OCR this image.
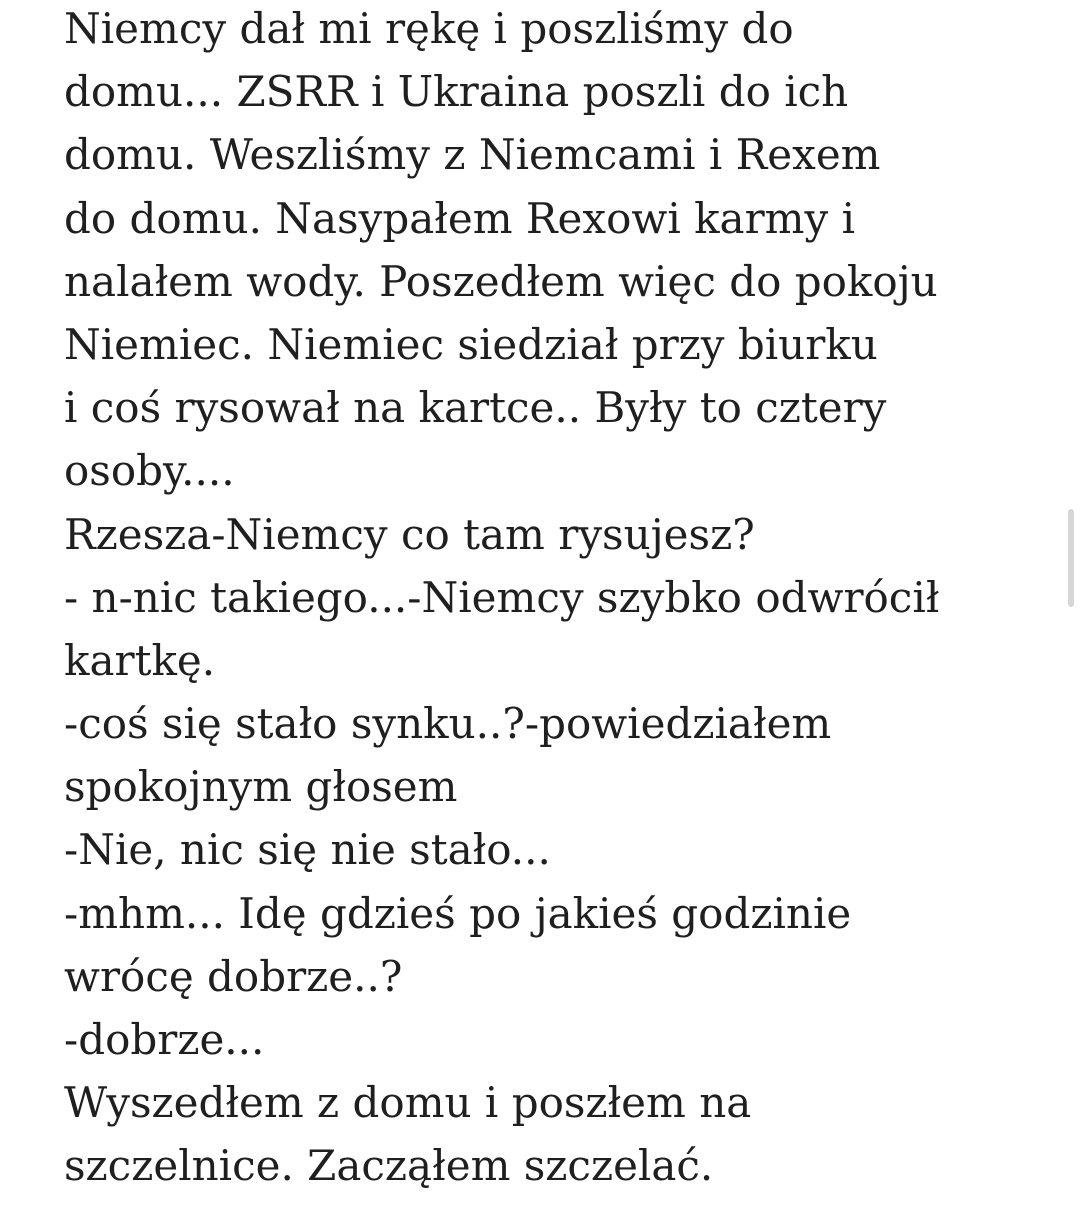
Niemcy dał mi rękę i poszliśmy do
domu... ZSRR i Ukraina poszli do ich
domu. Weszliśmy z Niemcami i Rexem
do domu. Nasypałem Rexowi karmy i
nalałem wody. Poszedłem więc do pokoju
Niemiec. Niemiec siedział przy biurku
i coś rysował na kartce.. Były to cztery
osoby....
Rzesza-Niemcy co tam rysujesz?
- n-nic takiego...-Niemcy szybko odwrócił
kartkę.
-coś się stało synku..?-powiedziałem
spokojnym głosem
-Nie, nic się nie stało...
-mhm... Idę gdzieś po jakieś godzinie
wrócę dobrze..?
-dobrze...
Wyszedłem z domu i poszłem na
szczelnice. Zacząłem szczelać.
